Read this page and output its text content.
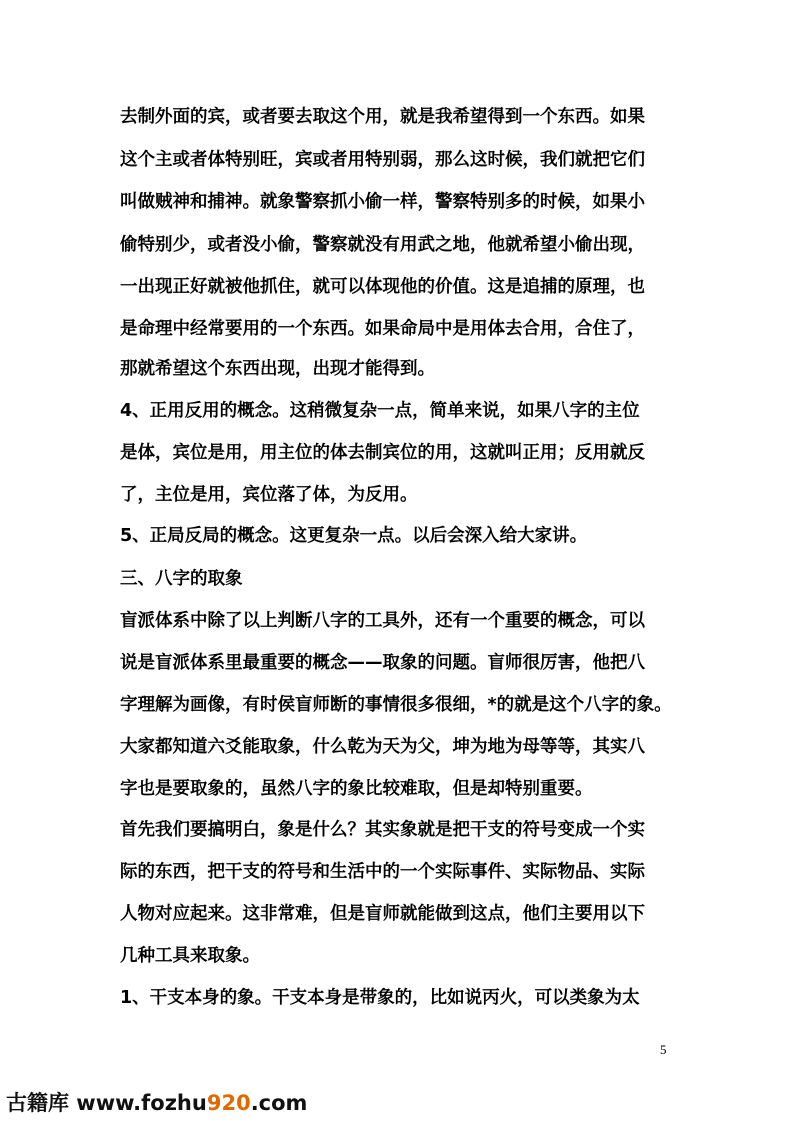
去制外面的宾，或者要去取这个用，就是我希望得到一个东西。如果
这个主或者体特别旺，宾或者用特别弱，那么这时候，我们就把它们
叫做贼神和捕神。就象警察抓小偷一样，警察特别多的时候，如果小
偷特别少，或者没小偷，警察就没有用武之地，他就希望小偷出现，
一出现正好就被他抓住，就可以体现他的价值。这是追捕的原理，也
是命理中经常要用的一个东西。如果命局中是用体去合用，合住了，
那就希望这个东西出现，出现才能得到。
4、正用反用的概念。这稍微复杂一点，简单来说，如果八字的主位
是体，宾位是用，用主位的体去制宾位的用，这就叫正用；反用就反
了，主位是用，宾位落了体，为反用。
5、正局反局的概念。这更复杂一点。以后会深入给大家讲。
三、八字的取象
盲派体系中除了以上判断八字的工具外，还有一个重要的概念，可以
说是盲派体系里最重要的概念——取象的问题。盲师很厉害，他把八
字理解为画像，有时侯盲师断的事情很多很细，*的就是这个八字的象。
大家都知道六爻能取象，什么乾为天为父，坤为地为母等等，其实八
字也是要取象的，虽然八字的象比较难取，但是却特别重要。
首先我们要搞明白，象是什么？其实象就是把干支的符号变成一个实
际的东西，把干支的符号和生活中的一个实际事件、实际物品、实际
人物对应起来。这非常难，但是盲师就能做到这点，他们主要用以下
几种工具来取象。
1、干支本身的象。干支本身是带象的，比如说丙火，可以类象为太
5
古籍库 www.fozhu920.com
